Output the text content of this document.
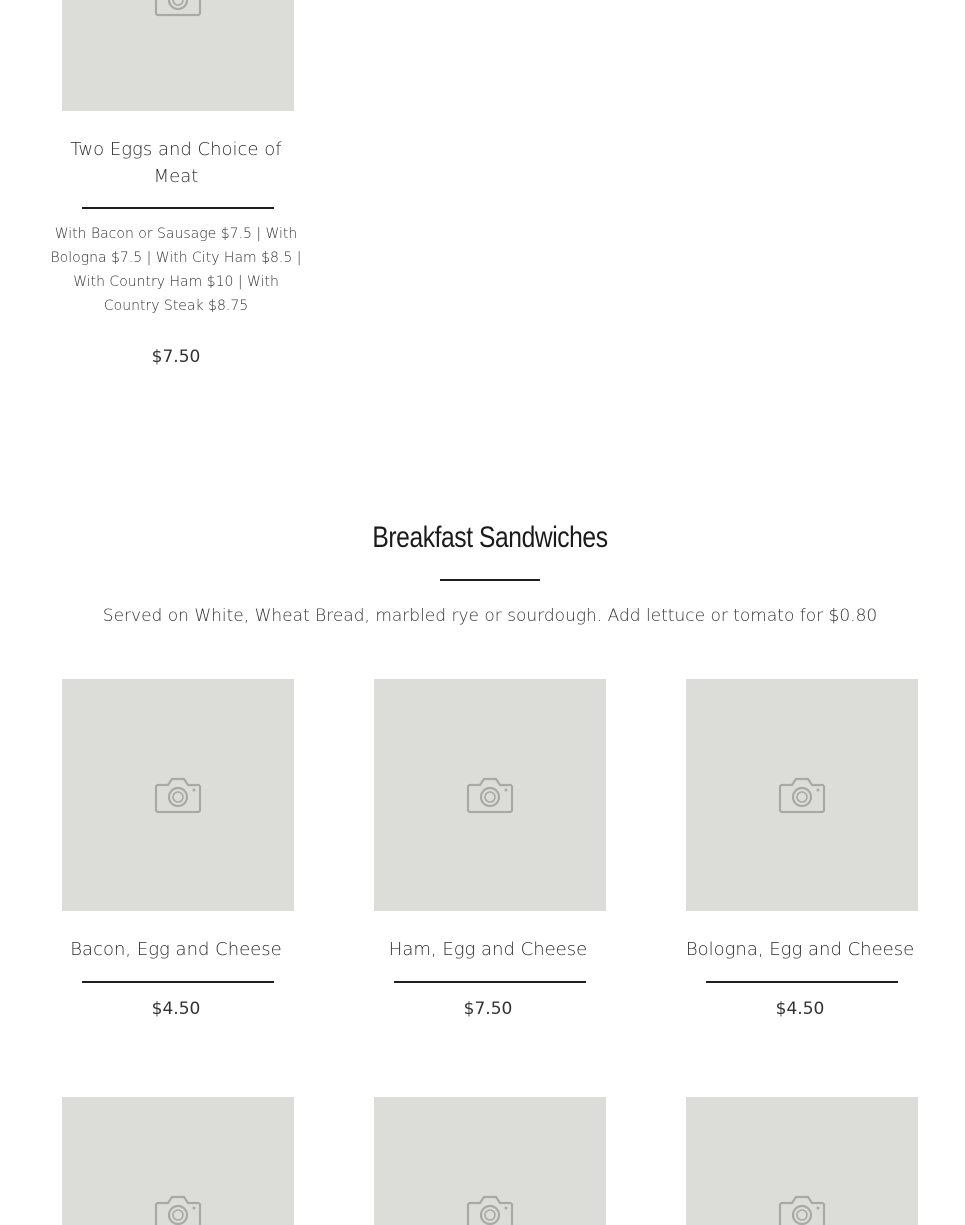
Two Eggs and Choice of Meat
With Bacon or Sausage $7.5 | With Bologna $7.5 | With City Ham $8.5 | With Country Ham $10 | With Country Steak $8.75
$7.50
Breakfast Sandwiches
Served on White, Wheat Bread, marbled rye or sourdough. Add lettuce or tomato for $0.80
Bacon, Egg and Cheese
$4.50
Ham, Egg and Cheese
$7.50
Bologna, Egg and Cheese
$4.50
